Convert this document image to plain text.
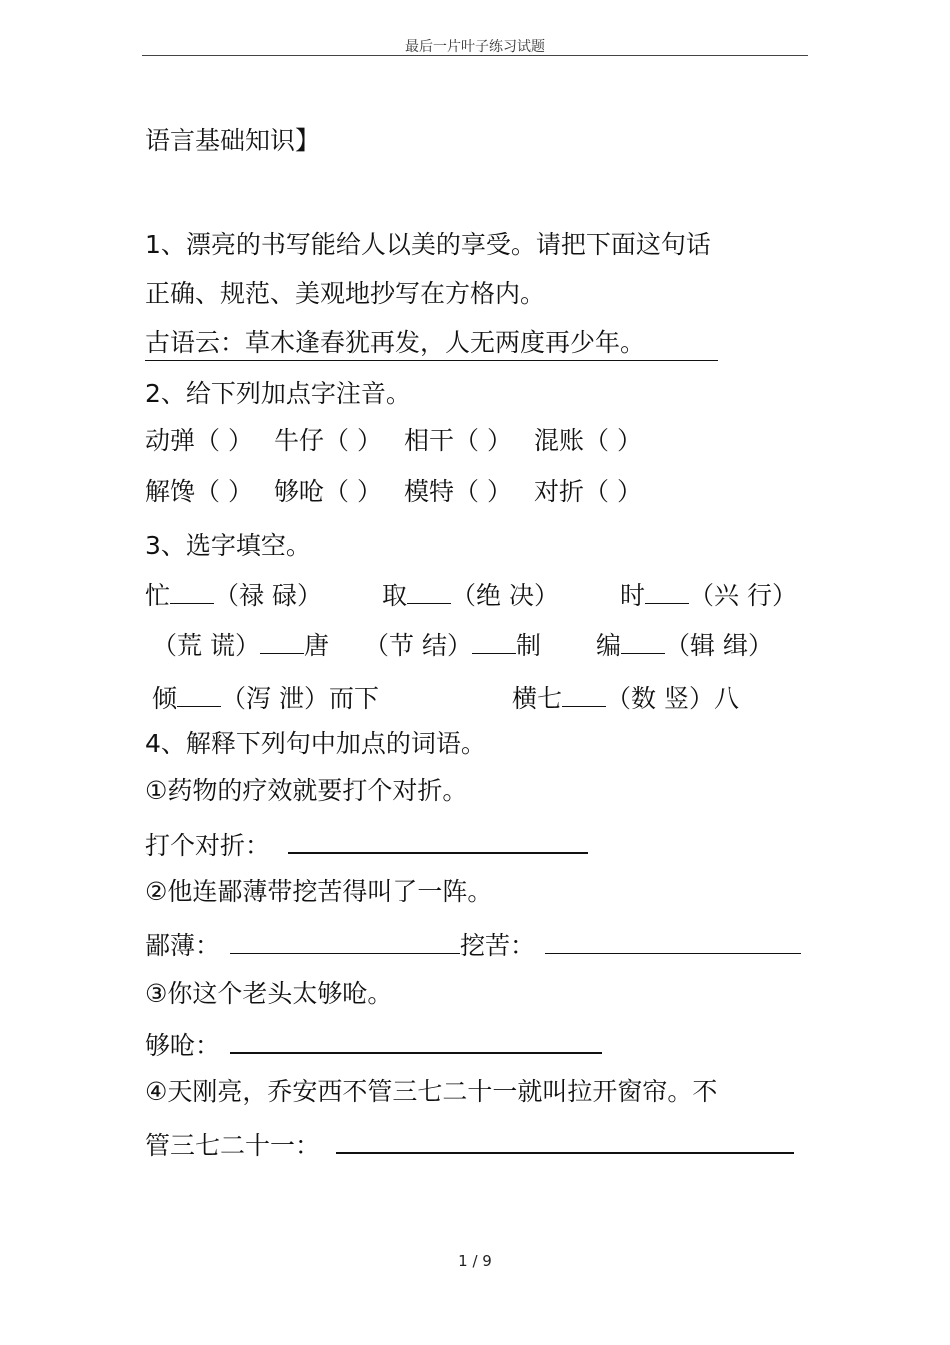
最后一片叶子练习试题
语言基础知识】
1、漂亮的书写能给人以美的享受。请把下面这句话
正确、规范、美观地抄写在方格内。
古语云：草木逢春犹再发，人无两度再少年。
2、给下列加点字注音。
动弹（ ） 牛仔（ ） 相干（ ） 混账（ ）
解馋（ ） 够呛（ ） 模特（ ） 对折（ ）
3、选字填空。
忙 （禄 碌） 取 （绝 决） 时 （兴 行）
（荒 谎） 唐 （节 结） 制 编 （辑 缉）
倾 （泻 泄）而下	横七 （数 竖）八
4、解释下列句中加点的词语。
①药物的疗效就要打个对折。
打个对折：
②他连鄙薄带挖苦得叫了一阵。
鄙薄：	挖苦：
③你这个老头太够呛。
够呛：
④天刚亮，乔安西不管三七二十一就叫拉开窗帘。不
管三七二十一：
1 / 9
